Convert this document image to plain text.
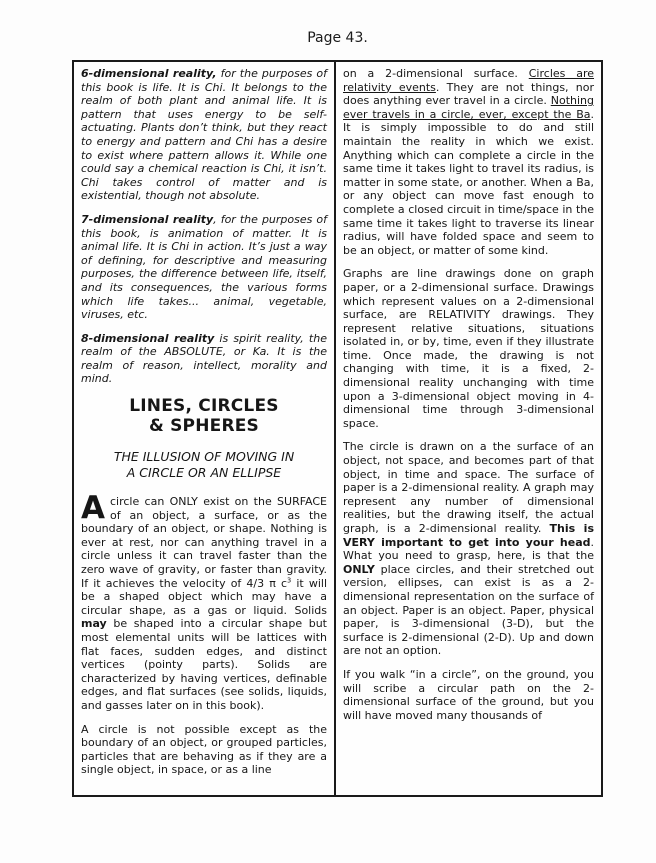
Page 43.

6-dimensional reality, for the purposes of this book is life. It is Chi. It belongs to the realm of both plant and animal life. It is pattern that uses energy to be self-actuating. Plants don’t think, but they react to energy and pattern and Chi has a desire to exist where pattern allows it. While one could say a chemical reaction is Chi, it isn’t. Chi takes control of matter and is existential, though not absolute.

7-dimensional reality, for the purposes of this book, is animation of matter. It is animal life. It is Chi in action. It’s just a way of defining, for descriptive and measuring purposes, the difference between life, itself, and its consequences, the various forms which life takes... animal, vegetable, viruses, etc.

8-dimensional reality is spirit reality, the realm of the ABSOLUTE, or Ka. It is the realm of reason, intellect, morality and mind.

LINES, CIRCLES
& SPHERES
THE ILLUSION OF MOVING IN
A CIRCLE OR AN ELLIPSE

Acircle can ONLY exist on the SURFACE of an object, a surface, or as the boundary of an object, or shape. Nothing is ever at rest, nor can anything travel in a circle unless it can travel faster than the zero wave of gravity, or faster than gravity. If it achieves the velocity of 4/3 π $c^3$ it will be a shaped object which may have a circular shape, as a gas or liquid. Solids may be shaped into a circular shape but most elemental units will be lattices with flat faces, sudden edges, and distinct vertices (pointy parts). Solids are characterized by having vertices, definable edges, and flat surfaces (see solids, liquids, and gasses later on in this book).

A circle is not possible except as the boundary of an object, or grouped particles, particles that are behaving as if they are a single object, in space, or as a line

on a 2-dimensional surface. Circles are relativity events. They are not things, nor does anything ever travel in a circle. Nothing ever travels in a circle, ever, except the Ba. It is simply impossible to do and still maintain the reality in which we exist. Anything which can complete a circle in the same time it takes light to travel its radius, is matter in some state, or another. When a Ba, or any object can move fast enough to complete a closed circuit in time/space in the same time it takes light to traverse its linear radius, will have folded space and seem to be an object, or matter of some kind.

Graphs are line drawings done on graph paper, or a 2-dimensional surface. Drawings which represent values on a 2-dimensional surface, are RELATIVITY drawings. They represent relative situations, situations isolated in, or by, time, even if they illustrate time. Once made, the drawing is not changing with time, it is a fixed, 2-dimensional reality unchanging with time upon a 3-dimensional object moving in 4-dimensional time through 3-dimensional space.

The circle is drawn on a the surface of an object, not space, and becomes part of that object, in time and space. The surface of paper is a 2-dimensional reality. A graph may represent any number of dimensional realities, but the drawing itself, the actual graph, is a 2-dimensional reality. This is VERY important to get into your head. What you need to grasp, here, is that the ONLY place circles, and their stretched out version, ellipses, can exist is as a 2-dimensional representation on the surface of an object. Paper is an object. Paper, physical paper, is 3-dimensional (3-D), but the surface is 2-dimensional (2-D). Up and down are not an option.

If you walk “in a circle”, on the ground, you will scribe a circular path on the 2-dimensional surface of the ground, but you will have moved many thousands of
